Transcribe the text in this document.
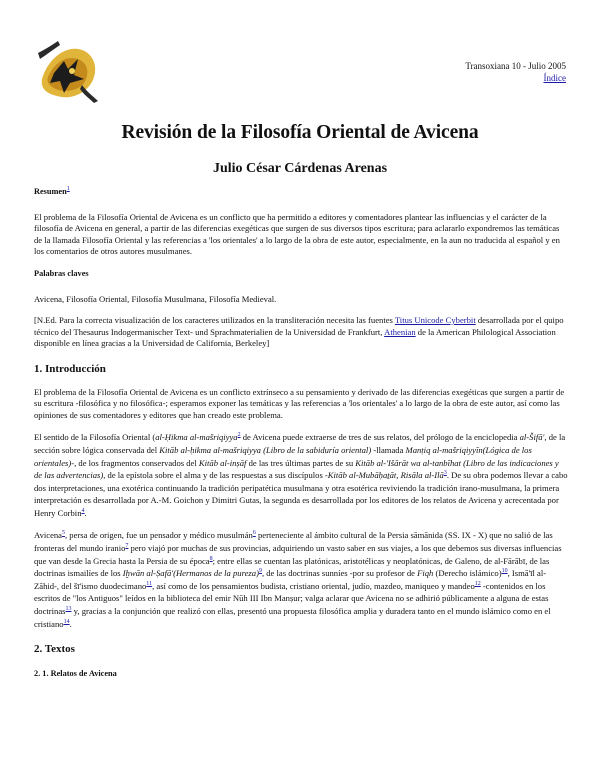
Transoxiana 10 - Julio 2005
Índice
Revisión de la Filosofía Oriental de Avicena
Julio César Cárdenas Arenas

Resumen$^1$

El problema de la Filosofía Oriental de Avicena es un conflicto que ha permitido a editores y comentadores plantear las influencias y el carácter de la filosofía de Avicena en general, a partir de las diferencias exegéticas que surgen de sus diversos tipos escritura; para aclararlo expondremos las temáticas de la llamada Filosofía Oriental y las referencias a 'los orientales' a lo largo de la obra de este autor, especialmente, en la aun no traducida al español y en los comentarios de otros autores musulmanes.

Palabras claves

Avicena, Filosofía Oriental, Filosofía Musulmana, Filosofía Medieval.

[N.Ed. Para la correcta visualización de los caracteres utilizados en la transliteración necesita las fuentes Titus Unicode Cyberbit desarrollada por el quipo técnico del Thesaurus Indogermanischer Text- und Sprachmaterialien de la Universidad de Frankfurt, Athenian de la American Philological Association disponible en línea gracias a la Universidad de California, Berkeley]

1. Introducción

El problema de la Filosofía Oriental de Avicena es un conflicto extrínseco a su pensamiento y derivado de las diferencias exegéticas que surgen a partir de su escritura -filosófica y no filosófica-; esperamos exponer las temáticas y las referencias a 'los orientales' a lo largo de la obra de este autor, así como las opiniones de sus comentadores y editores que han creado este problema.

El sentido de la Filosofía Oriental (al-Ḥikma al-mašriqiyya$^2$ de Avicena puede extraerse de tres de sus relatos, del prólogo de la enciclopedia al-Šifā', de la sección sobre lógica conservada del Kitāb al-ḥikma al-mašriqiyya (Libro de la sabiduría oriental) -llamada Manṭiq al-mašriqiyyīn(Lógica de los orientales)-, de los fragmentos conservados del Kitāb al-inṣāf de las tres últimas partes de su Kitāb al-'Išārāt wa al-tanbīhat (Libro de las indicaciones y de las advertencias), de la epístola sobre el alma y de las respuestas a sus discípulos -Kitāb al-Mubāḥaṯāt, Risāla al-Ilā$^3$. De su obra podemos llevar a cabo dos interpretaciones, una exotérica continuando la tradición peripatética musulmana y otra esotérica reviviendo la tradición irano-musulmana, la primera interpretación es desarrollada por A.-M. Goichon y Dimitri Gutas, la segunda es desarrollada por los editores de los relatos de Avicena y acrecentada por Henry Corbin$^4$.

Avicena$^5$, persa de origen, fue un pensador y médico musulmán$^6$ perteneciente al ámbito cultural de la Persia sāmānida (SS. IX - X) que no salió de las fronteras del mundo iranio$^7$ pero viajó por muchas de sus provincias, adquiriendo un vasto saber en sus viajes, a los que debemos sus diversas influencias que van desde la Grecia hasta la Persia de su época$^8$; entre ellas se cuentan las platónicas, aristotélicas y neoplatónicas, de Galeno, de al-Fārābī, de las doctrinas ismailíes de los Iḫwān al-Ṣafā'(Hermanos de la pureza)$^9$, de las doctrinas sunníes -por su profesor de Fiqh (Derecho islámico)$^{10}$, Ismā'īl al-Zāhid-, del šī'ismo duodecimano$^{11}$, así como de los pensamientos budista, cristiano oriental, judío, mazdeo, maniqueo y mandeo$^{12}$ -contenidos en los escritos de "los Antiguos" leídos en la biblioteca del emir Nūh III Ibn Manṣur; valga aclarar que Avicena no se adhirió públicamente a alguna de estas doctrinas$^{13}$ y, gracias a la conjunción que realizó con ellas, presentó una propuesta filosófica amplia y duradera tanto en el mundo islámico como en el cristiano$^{14}$.

2. Textos
2. 1. Relatos de Avicena
